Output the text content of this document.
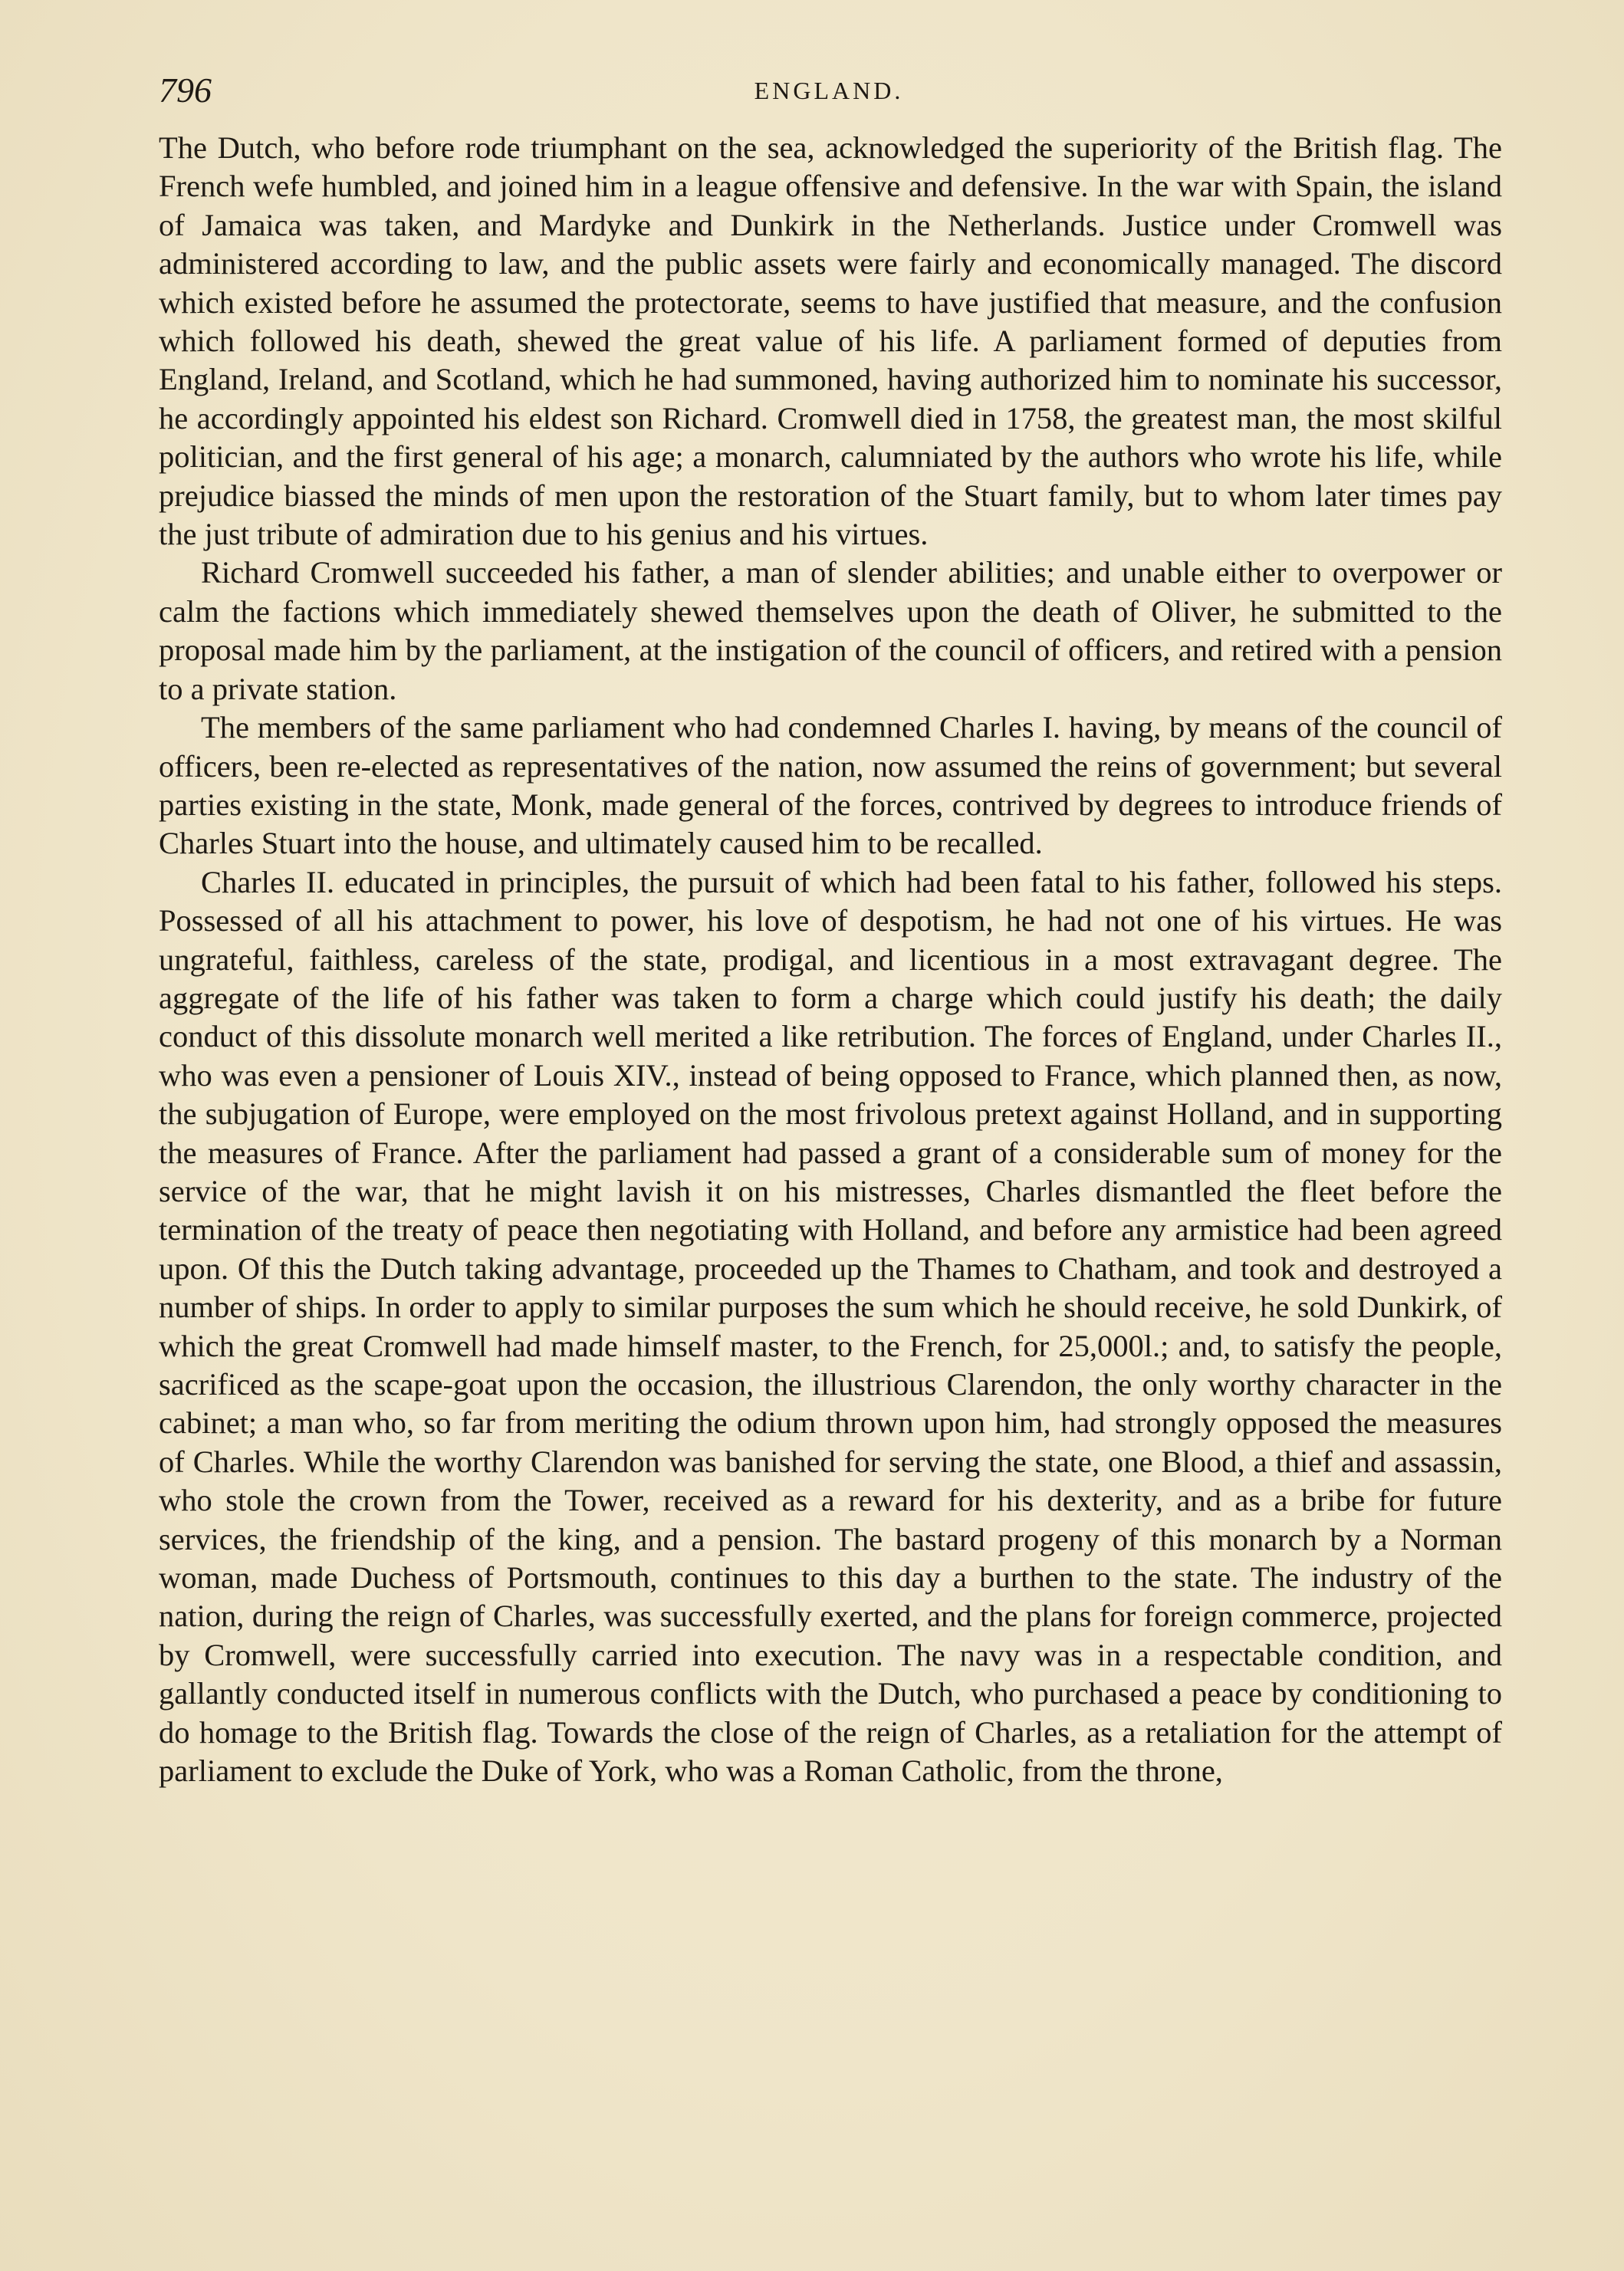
796	ENGLAND.

The Dutch, who before rode triumphant on the sea, acknowledged the superiority of the British flag. The French wefe humbled, and joined him in a league offensive and defensive. In the war with Spain, the island of Jamaica was taken, and Mardyke and Dunkirk in the Netherlands. Justice under Cromwell was administered according to law, and the public assets were fairly and economically managed. The discord which existed before he assumed the protectorate, seems to have justified that measure, and the confusion which followed his death, shewed the great value of his life. A parliament formed of deputies from England, Ireland, and Scotland, which he had summoned, having authorized him to nominate his successor, he accordingly appointed his eldest son Richard. Cromwell died in 1758, the greatest man, the most skilful politician, and the first general of his age; a monarch, calumniated by the authors who wrote his life, while prejudice biassed the minds of men upon the restoration of the Stuart family, but to whom later times pay the just tribute of admiration due to his genius and his virtues.

Richard Cromwell succeeded his father, a man of slender abilities; and unable either to overpower or calm the factions which immediately shewed themselves upon the death of Oliver, he submitted to the proposal made him by the parliament, at the instigation of the council of officers, and retired with a pension to a private station.

The members of the same parliament who had condemned Charles I. having, by means of the council of officers, been re-elected as representatives of the nation, now assumed the reins of government; but several parties existing in the state, Monk, made general of the forces, contrived by degrees to introduce friends of Charles Stuart into the house, and ultimately caused him to be recalled.

Charles II. educated in principles, the pursuit of which had been fatal to his father, followed his steps. Possessed of all his attachment to power, his love of despotism, he had not one of his virtues. He was ungrateful, faithless, careless of the state, prodigal, and licentious in a most extravagant degree. The aggregate of the life of his father was taken to form a charge which could justify his death; the daily conduct of this dissolute monarch well merited a like retribution. The forces of England, under Charles II., who was even a pensioner of Louis XIV., instead of being opposed to France, which planned then, as now, the subjugation of Europe, were employed on the most frivolous pretext against Holland, and in supporting the measures of France. After the parliament had passed a grant of a considerable sum of money for the service of the war, that he might lavish it on his mistresses, Charles dismantled the fleet before the termination of the treaty of peace then negotiating with Holland, and before any armistice had been agreed upon. Of this the Dutch taking advantage, proceeded up the Thames to Chatham, and took and destroyed a number of ships. In order to apply to similar purposes the sum which he should receive, he sold Dunkirk, of which the great Cromwell had made himself master, to the French, for 25,000l.; and, to satisfy the people, sacrificed as the scape-goat upon the occasion, the illustrious Clarendon, the only worthy character in the cabinet; a man who, so far from meriting the odium thrown upon him, had strongly opposed the measures of Charles. While the worthy Clarendon was banished for serving the state, one Blood, a thief and assassin, who stole the crown from the Tower, received as a reward for his dexterity, and as a bribe for future services, the friendship of the king, and a pension. The bastard progeny of this monarch by a Norman woman, made Duchess of Portsmouth, continues to this day a burthen to the state. The industry of the nation, during the reign of Charles, was successfully exerted, and the plans for foreign commerce, projected by Cromwell, were successfully carried into execution. The navy was in a respectable condition, and gallantly conducted itself in numerous conflicts with the Dutch, who purchased a peace by conditioning to do homage to the British flag. Towards the close of the reign of Charles, as a retaliation for the attempt of parliament to exclude the Duke of York, who was a Roman Catholic, from the throne,
